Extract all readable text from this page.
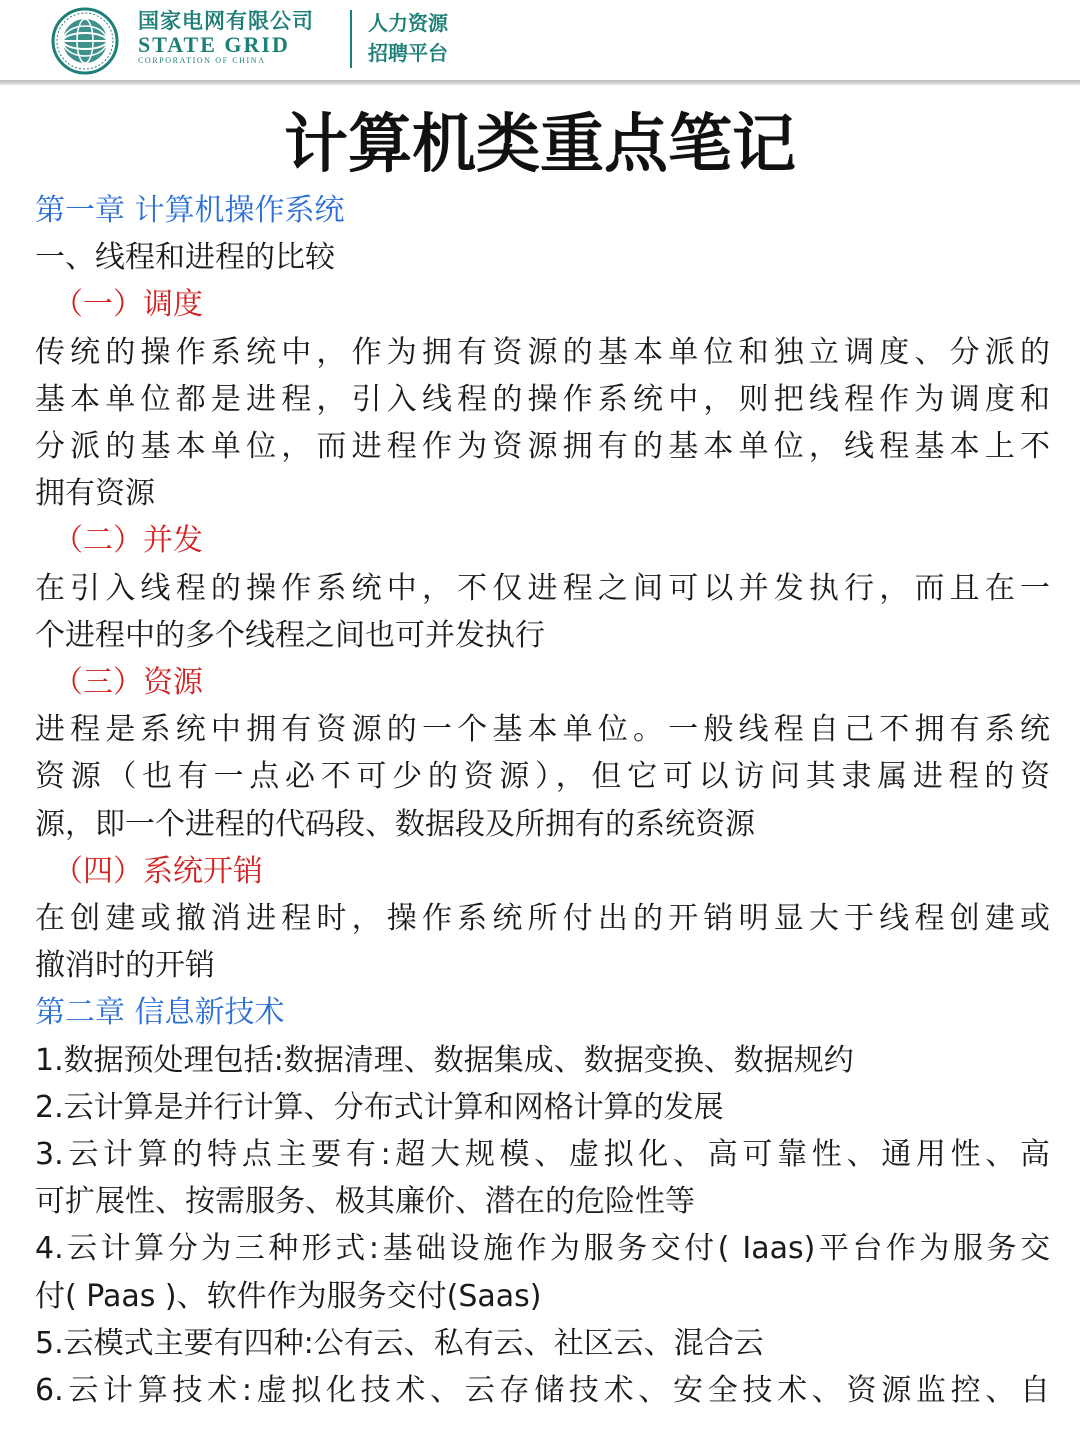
国家电网有限公司
STATE GRID
CORPORATION OF CHINA
人力资源
招聘平台
计算机类重点笔记
第一章 计算机操作系统
一、线程和进程的比较
（一）调度
传统的操作系统中，作为拥有资源的基本单位和独立调度、分派的
基本单位都是进程，引入线程的操作系统中，则把线程作为调度和
分派的基本单位，而进程作为资源拥有的基本单位，线程基本上不
拥有资源
（二）并发
在引入线程的操作系统中，不仅进程之间可以并发执行，而且在一
个进程中的多个线程之间也可并发执行
（三）资源
进程是系统中拥有资源的一个基本单位。一般线程自己不拥有系统
资源（也有一点必不可少的资源），但它可以访问其隶属进程的资
源，即一个进程的代码段、数据段及所拥有的系统资源
（四）系统开销
在创建或撤消进程时，操作系统所付出的开销明显大于线程创建或
撤消时的开销
第二章 信息新技术
1.数据预处理包括:数据清理、数据集成、数据变换、数据规约
2.云计算是并行计算、分布式计算和网格计算的发展
3.云计算的特点主要有:超大规模、虚拟化、高可靠性、通用性、高
可扩展性、按需服务、极其廉价、潜在的危险性等
4.云计算分为三种形式:基础设施作为服务交付( Iaas)平台作为服务交
付( Paas )、软件作为服务交付(Saas)
5.云模式主要有四种:公有云、私有云、社区云、混合云
6.云计算技术:虚拟化技术、云存储技术、安全技术、资源监控、自
